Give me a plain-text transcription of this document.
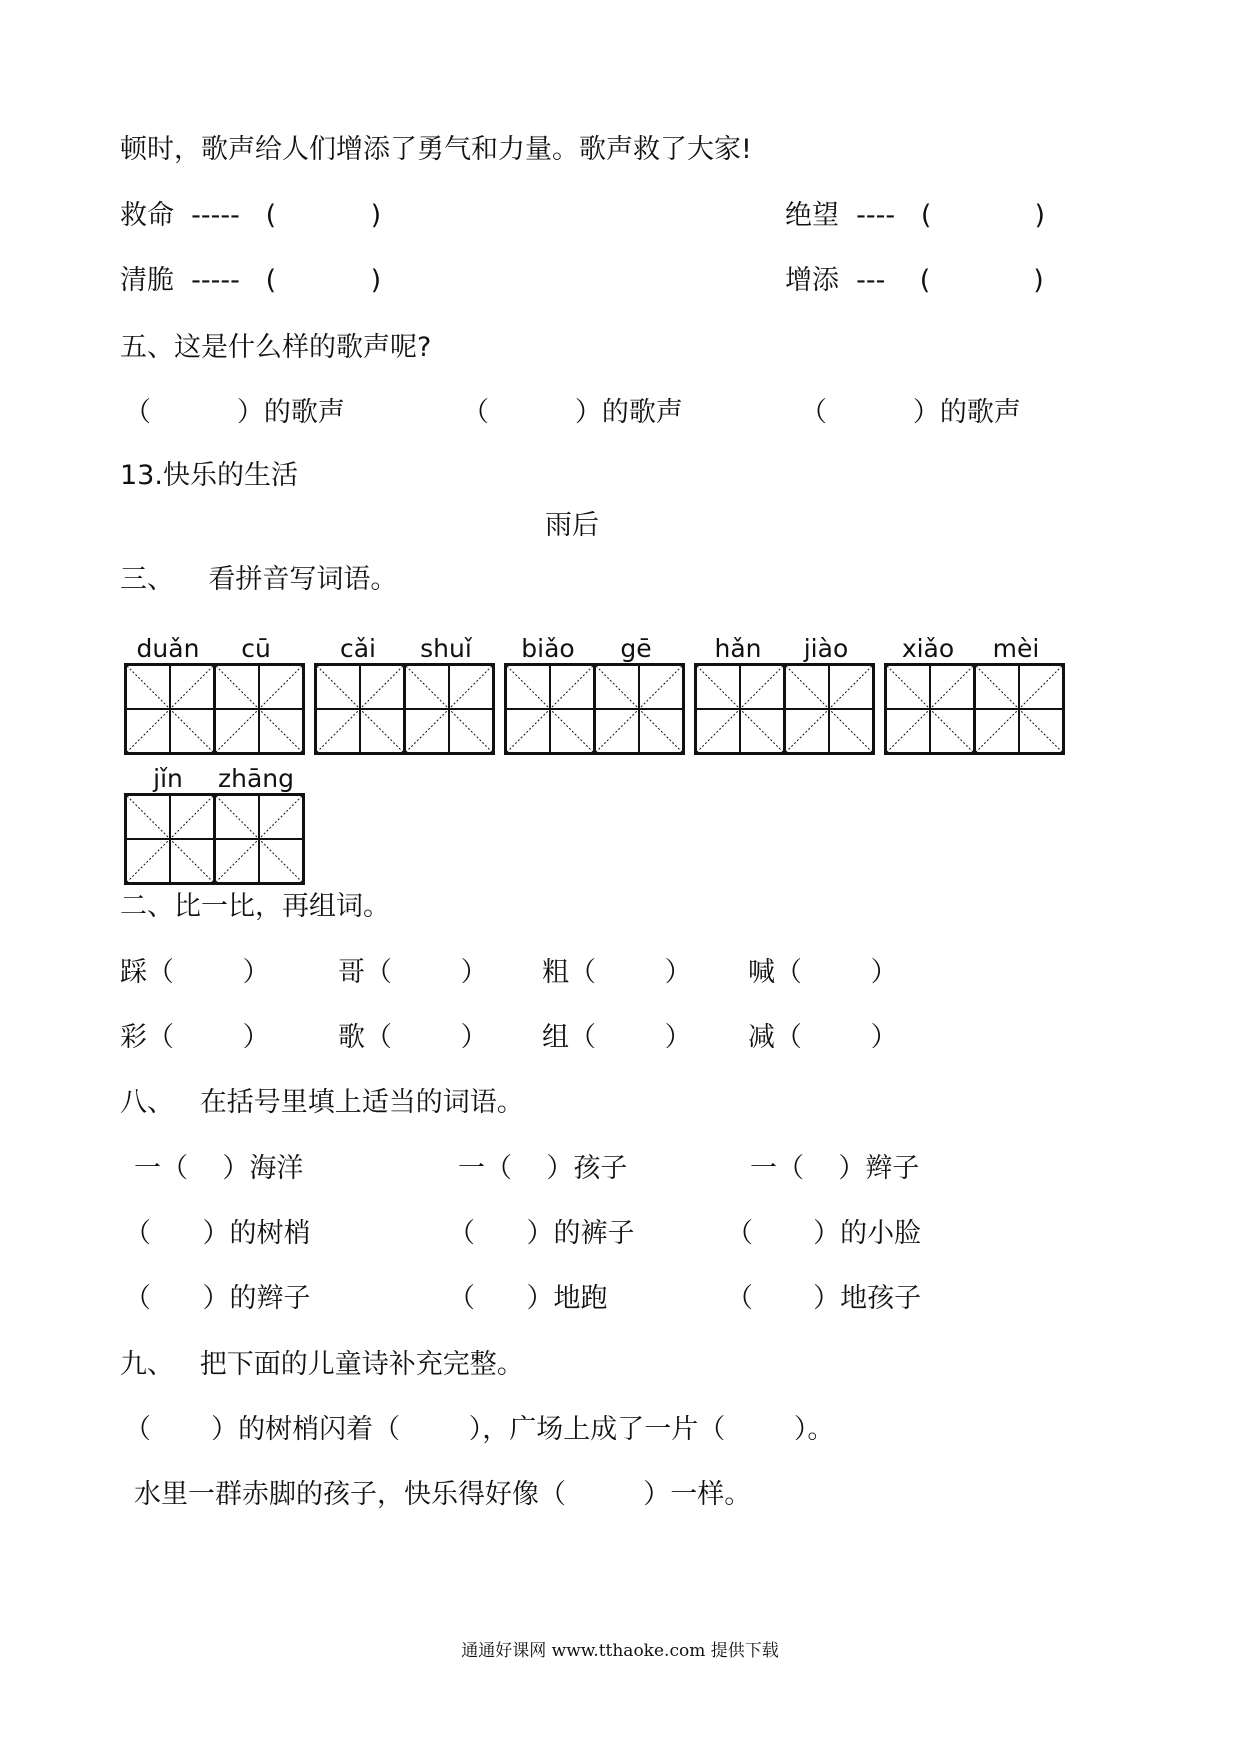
顿时，歌声给人们增添了勇气和力量。歌声救了大家!
救命 ----- (	)	绝望 ---- (	)
清脆 ----- (	)	增添 --- (	)
五、这是什么样的歌声呢?
（          ）的歌声	（          ）的歌声	（          ）的歌声
13.快乐的生活
雨后
三、    看拼音写词语。
duǎn	cū	cǎi	shuǐ	biǎo	gē	hǎn	jiào	xiǎo	mèi
jǐn	zhāng
二、比一比，再组词。
踩（        ）	哥（        ） 粗（        ） 喊（        ）
彩（        ）	歌（        ） 组（        ） 减（        ）
八、   在括号里填上适当的词语。
一（    ）海洋	一（    ）孩子	一（    ）辫子
（      ）的树梢	（      ）的裤子	（       ）的小脸
（      ）的辫子	（      ）地跑	（       ）地孩子
九、   把下面的儿童诗补充完整。
（       ）的树梢闪着（        ），广场上成了一片（        ）。
水里一群赤脚的孩子，快乐得好像（         ）一样。
通通好课网 www.tthaoke.com 提供下载
